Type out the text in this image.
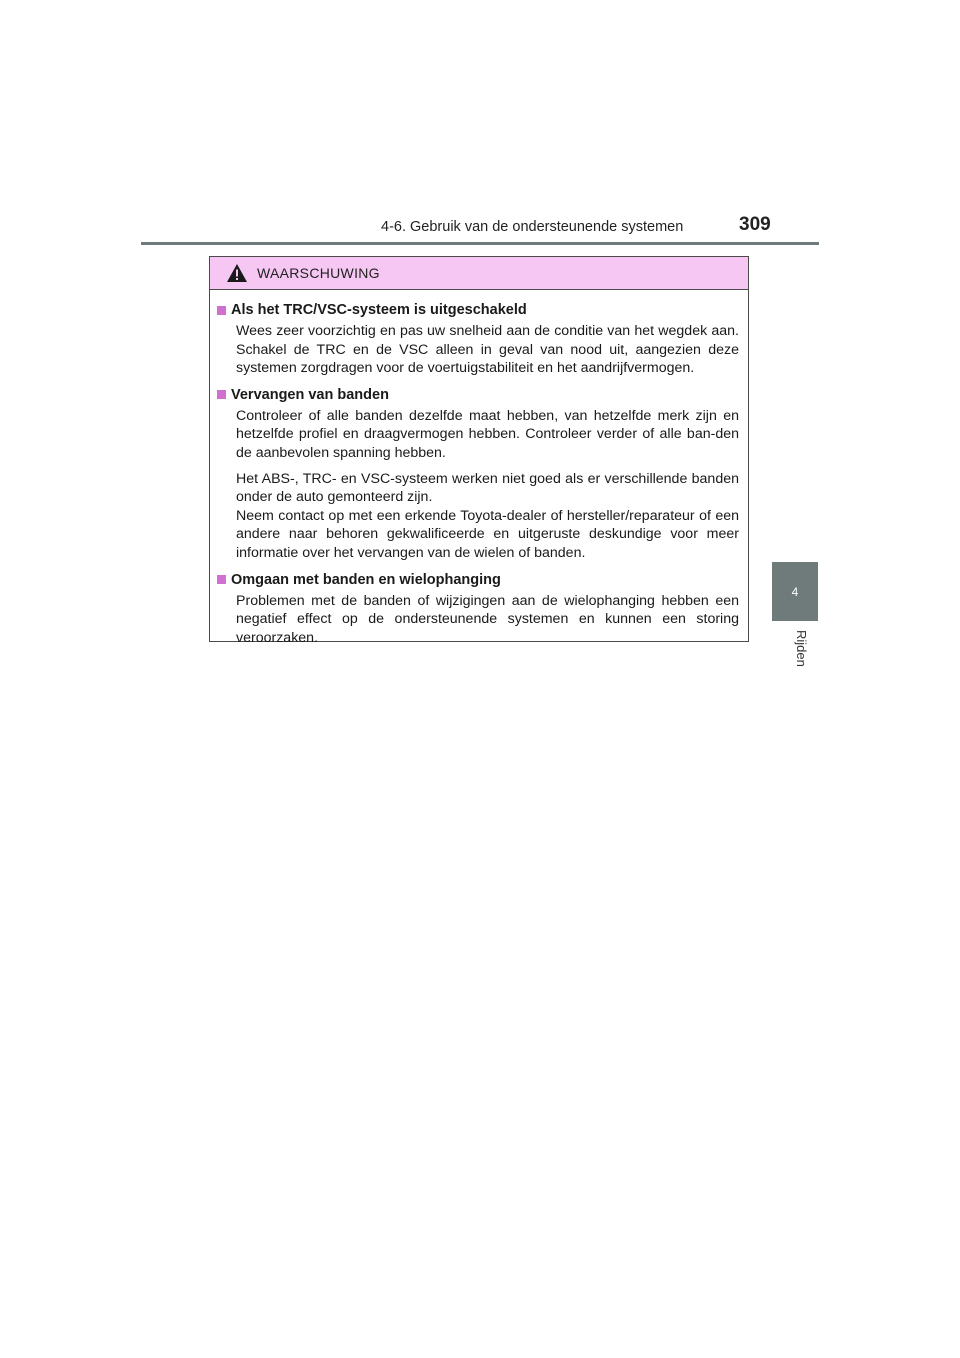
4-6. Gebruik van de ondersteunende systemen	309
4
Rijden
WAARSCHUWING
Als het TRC/VSC-systeem is uitgeschakeld

Wees zeer voorzichtig en pas uw snelheid aan de conditie van het wegdek aan. Schakel de TRC en de VSC alleen in geval van nood uit, aangezien deze systemen zorgdragen voor de voertuigstabiliteit en het aandrijfvermogen.

Vervangen van banden

Controleer of alle banden dezelfde maat hebben, van hetzelfde merk zijn en hetzelfde profiel en draagvermogen hebben. Controleer verder of alle ban-den de aanbevolen spanning hebben.

Het ABS-, TRC- en VSC-systeem werken niet goed als er verschillende banden onder de auto gemonteerd zijn.
Neem contact op met een erkende Toyota-dealer of hersteller/reparateur of een andere naar behoren gekwalificeerde en uitgeruste deskundige voor meer informatie over het vervangen van de wielen of banden.

Omgaan met banden en wielophanging

Problemen met de banden of wijzigingen aan de wielophanging hebben een negatief effect op de ondersteunende systemen en kunnen een storing veroorzaken.
